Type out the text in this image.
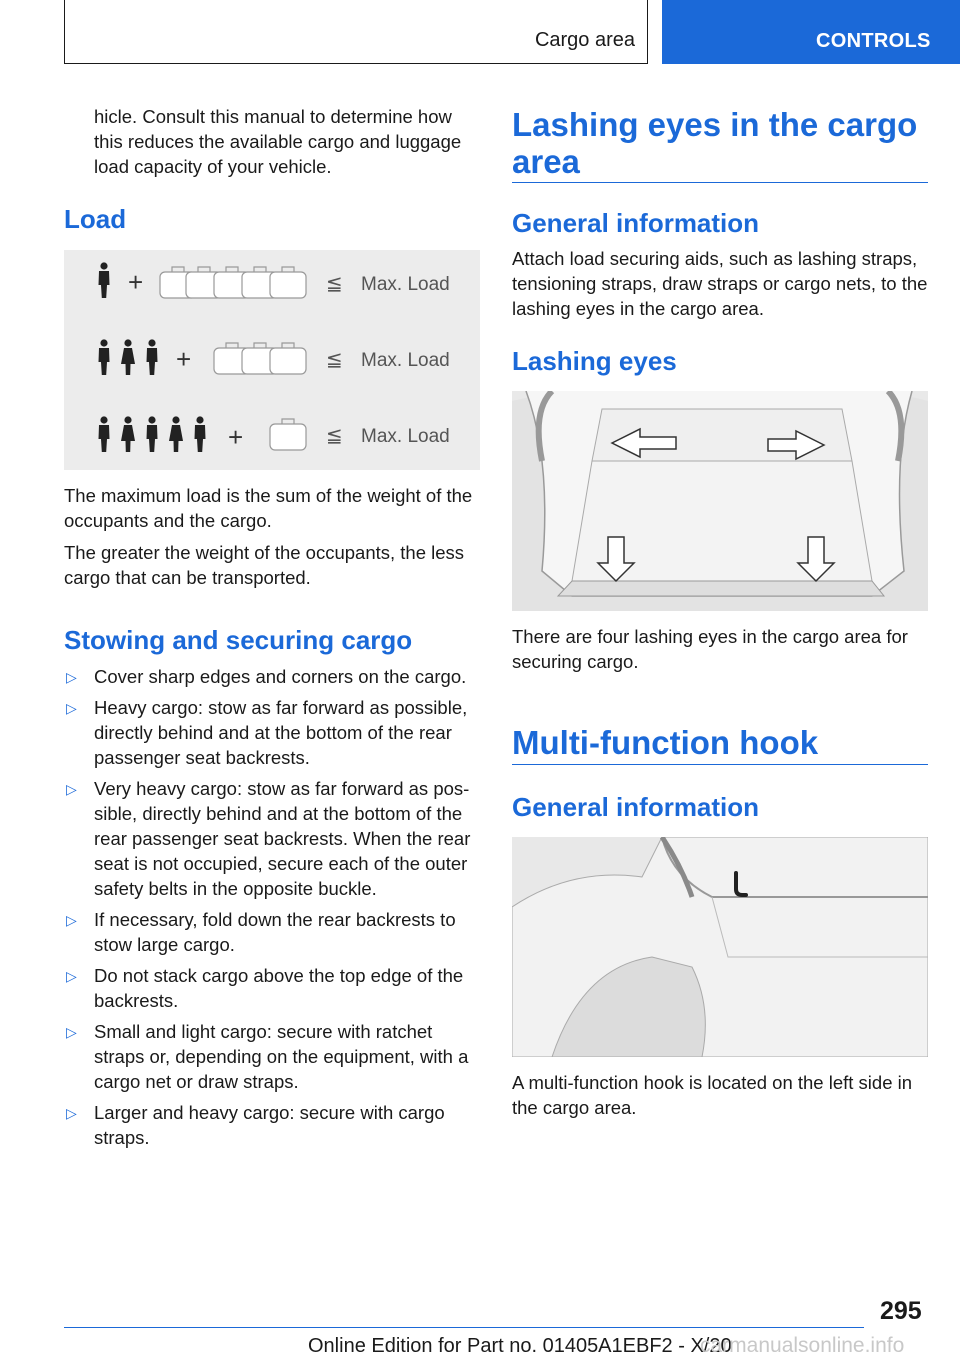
Cargo area	CONTROLS

hicle. Consult this manual to determine how this reduces the available cargo and luggage load capacity of your vehicle.

Load
+	≦ Max. Load
+	≦ Max. Load
+	≦ Max. Load

The maximum load is the sum of the weight of the occupants and the cargo.

The greater the weight of the occupants, the less cargo that can be transported.

Stowing and securing cargo
▷ Cover sharp edges and corners on the cargo.
▷ Heavy cargo: stow as far forward as possible, directly behind and at the bottom of the rear passenger seat backrests.
▷ Very heavy cargo: stow as far forward as pos‐sible, directly behind and at the bottom of the rear passenger seat backrests. When the rear seat is not occupied, secure each of the outer safety belts in the opposite buckle.
▷ If necessary, fold down the rear backrests to stow large cargo.
▷ Do not stack cargo above the top edge of the backrests.
▷ Small and light cargo: secure with ratchet straps or, depending on the equipment, with a cargo net or draw straps.
▷ Larger and heavy cargo: secure with cargo straps.
Lashing eyes in the cargo area
General information

Attach load securing aids, such as lashing straps, tensioning straps, draw straps or cargo nets, to the lashing eyes in the cargo area.

Lashing eyes

There are four lashing eyes in the cargo area for securing cargo.

Multi-function hook
General information

A multi-function hook is located on the left side in the cargo area.

295
Online Edition for Part no. 01405A1EBF2 - X/20
carmanualsonline.info
